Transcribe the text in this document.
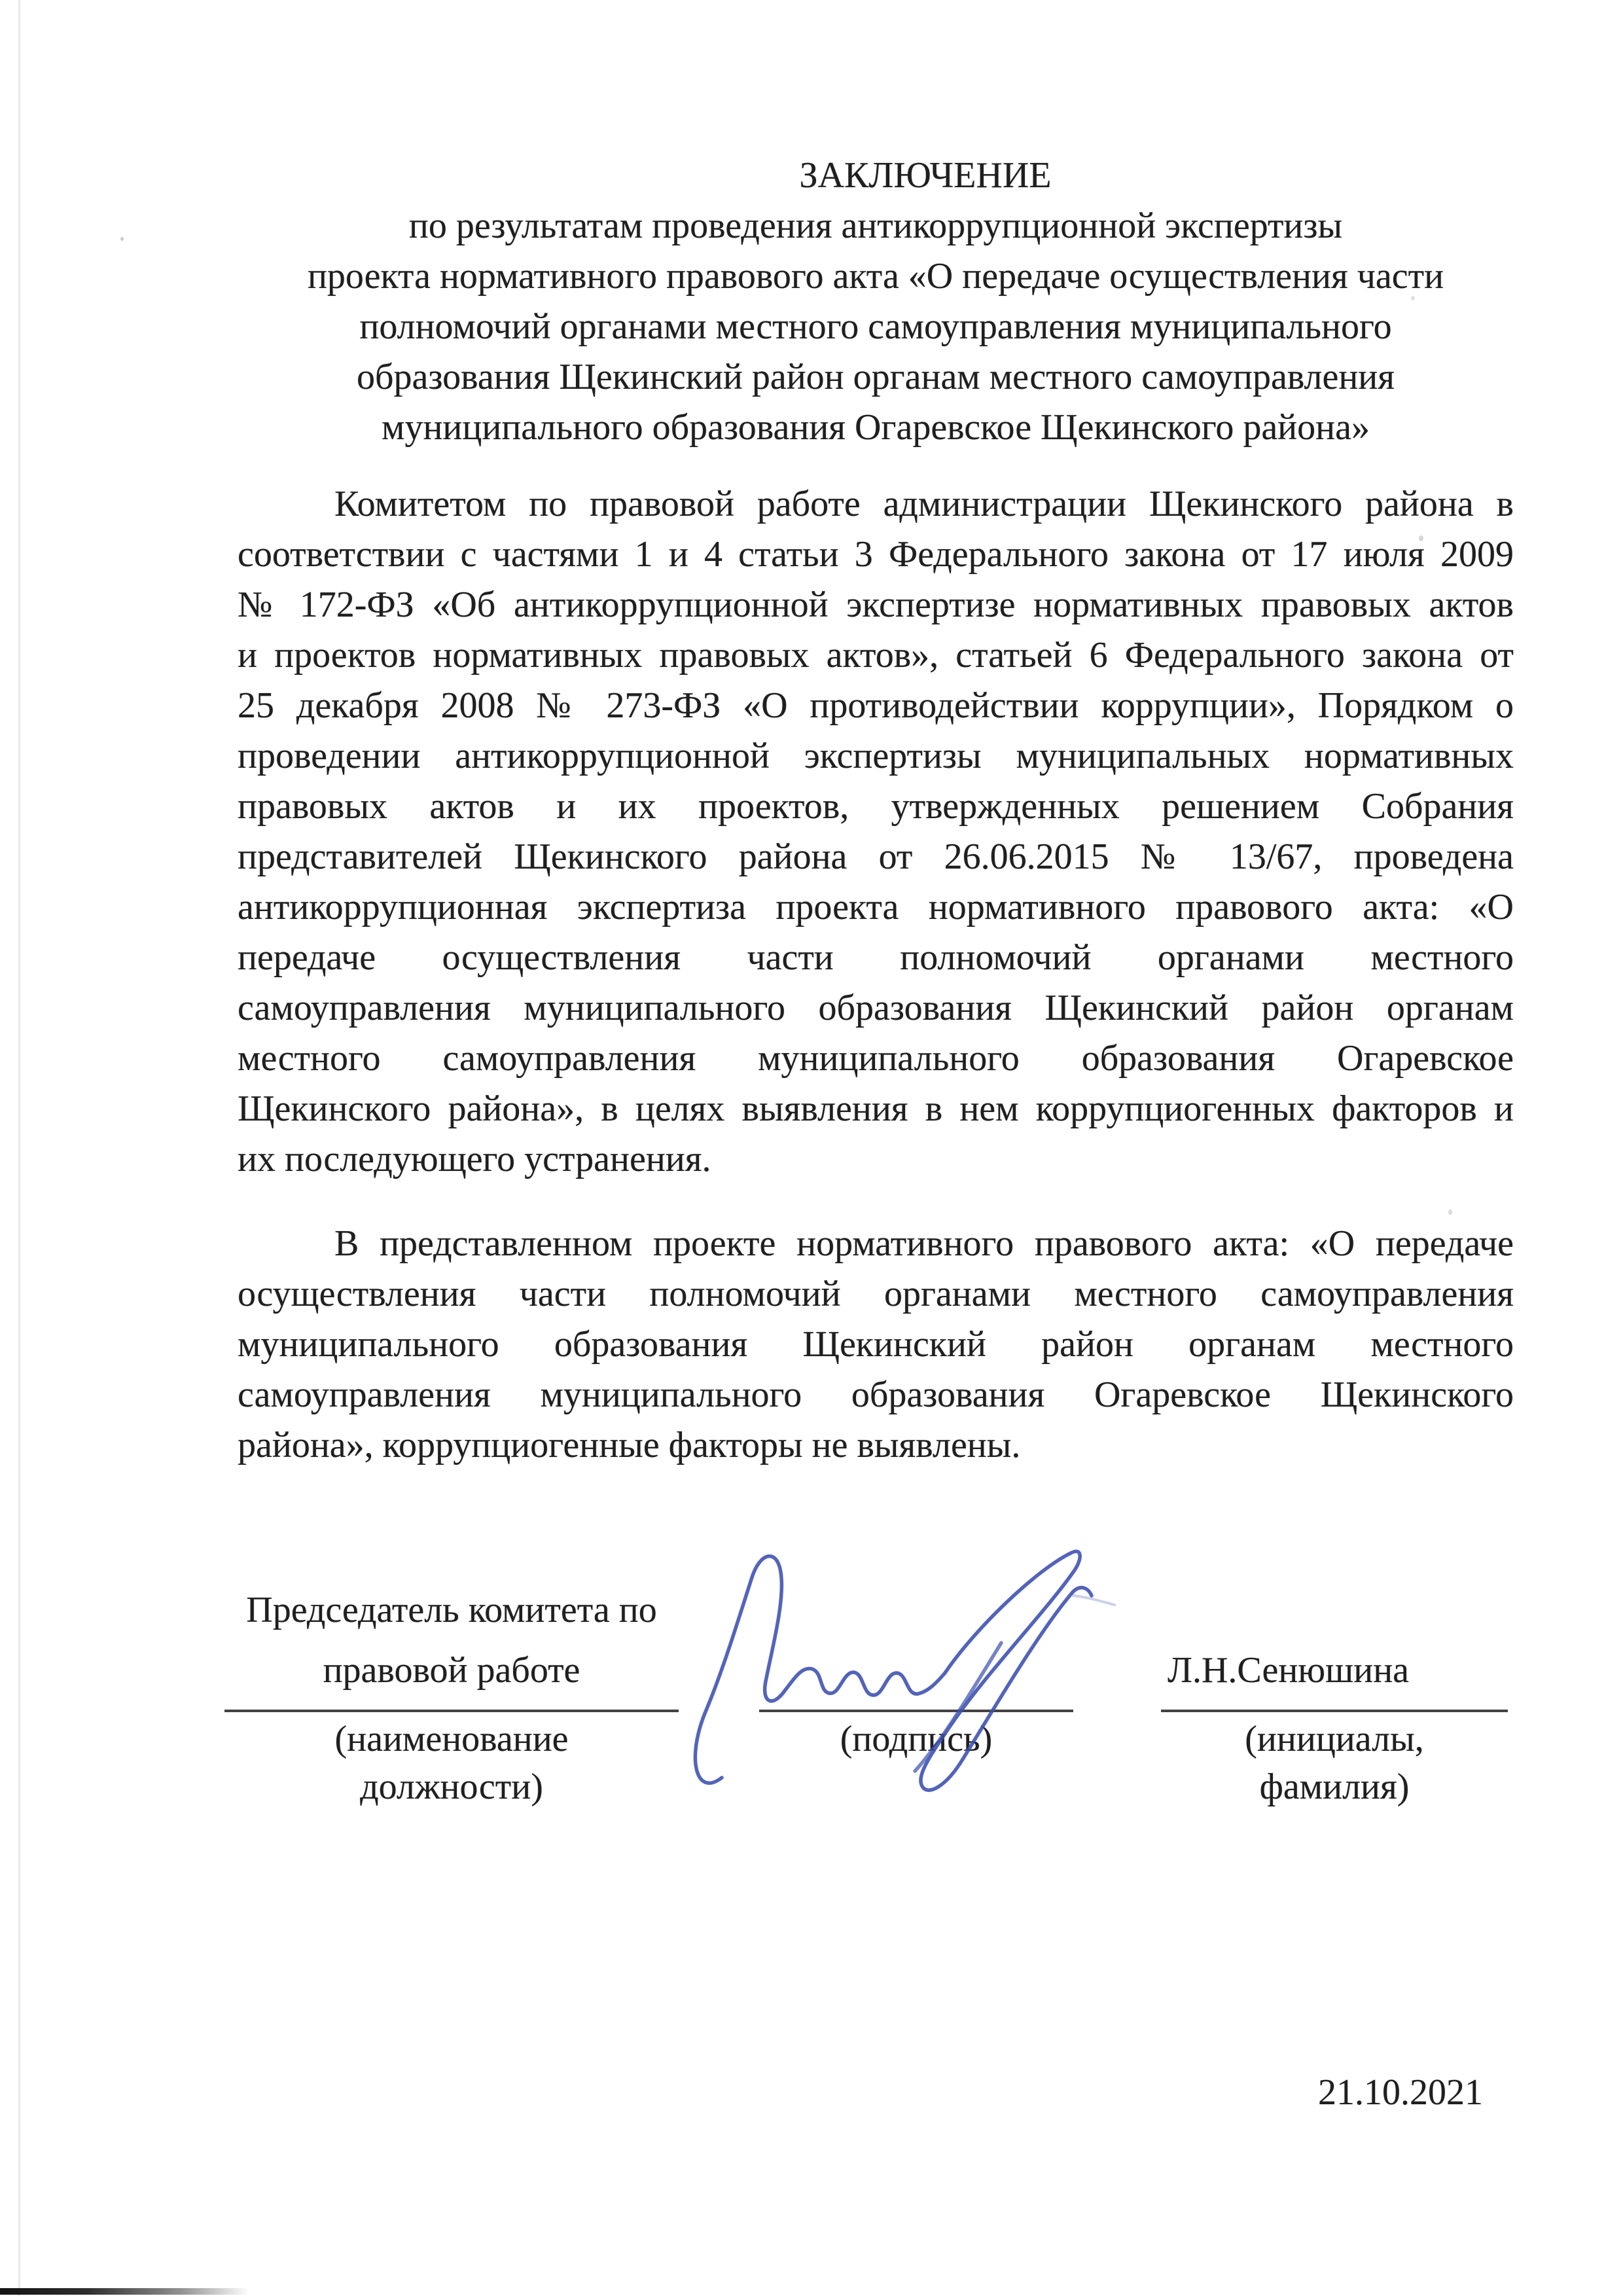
ЗАКЛЮЧЕНИЕ
по результатам проведения антикоррупционной экспертизы
проекта нормативного правового акта «О передаче осуществления части
полномочий органами местного самоуправления муниципального
образования Щекинский район органам местного самоуправления
муниципального образования Огаревское Щекинского района»
Комитетом по правовой работе администрации Щекинского района в
соответствии с частями 1 и 4 статьи 3 Федерального закона от 17 июля 2009
№ 172-ФЗ «Об антикоррупционной экспертизе нормативных правовых актов
и проектов нормативных правовых актов», статьей 6 Федерального закона от
25 декабря 2008 № 273-ФЗ «О противодействии коррупции», Порядком о
проведении антикоррупционной экспертизы муниципальных нормативных
правовых актов и их проектов, утвержденных решением Собрания
представителей Щекинского района от 26.06.2015 № 13/67, проведена
антикоррупционная экспертиза проекта нормативного правового акта: «О
передаче осуществления части полномочий органами местного
самоуправления муниципального образования Щекинский район органам
местного самоуправления муниципального образования Огаревское
Щекинского района», в целях выявления в нем коррупциогенных факторов и
их последующего устранения.
В представленном проекте нормативного правового акта: «О передаче
осуществления части полномочий органами местного самоуправления
муниципального образования Щекинский район органам местного
самоуправления муниципального образования Огаревское Щекинского
района», коррупциогенные факторы не выявлены.
Председатель комитета по
правовой работе	Л.Н.Сенюшина
(наименование
должности)
(подпись)	(инициалы,
фамилия)
21.10.2021
